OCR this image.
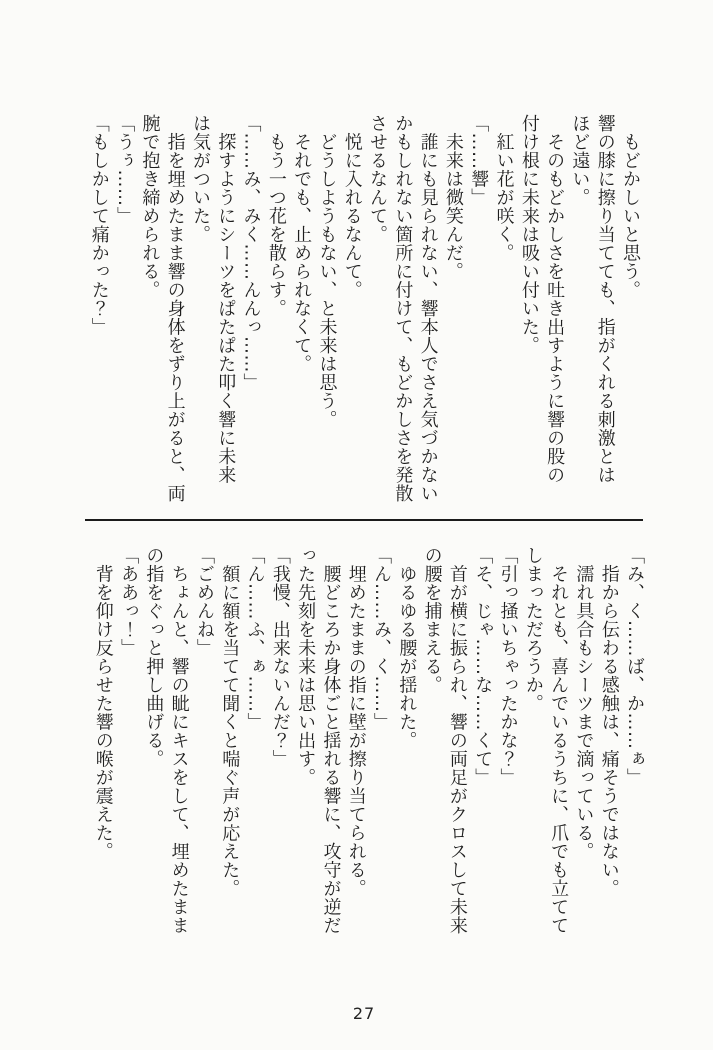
　もどかしいと思う。
響の膝に擦り当てても、指がくれる刺激とは
ほど遠い。
　そのもどかしさを吐き出すように響の股の
付け根に未来は吸い付いた。
　紅い花が咲く。
「……響」
　未来は微笑んだ。
　誰にも見られない、響本人でさえ気づかない
かもしれない箇所に付けて、もどかしさを発散
させるなんて。
　悦に入れるなんて。
　どうしようもない、と未来は思う。
　それでも、止められなくて。
　もう一つ花を散らす。
「……み、みく……んんっ……」
　探すようにシーツをぱたぱた叩く響に未来
は気がついた。
　指を埋めたまま響の身体をずり上がると、両
腕で抱き締められる。
「うぅ……」
「もしかして痛かった？」
「み、く……ば、か……ぁ」
　指から伝わる感触は、痛そうではない。
　濡れ具合もシーツまで滴っている。
　それとも、喜んでいるうちに、爪でも立てて
しまっただろうか。
「引っ掻いちゃったかな？」
「そ、じゃ……な……くて」
　首が横に振られ、響の両足がクロスして未来
の腰を捕まえる。
　ゆるゆる腰が揺れた。
「ん……み、く……」
　埋めたままの指に壁が擦り当てられる。
　腰どころか身体ごと揺れる響に、攻守が逆だ
った先刻を未来は思い出す。
「我慢、出来ないんだ？」
「ん……ふ、ぁ……」
　額に額を当てて聞くと喘ぐ声が応えた。
「ごめんね」
　ちょんと、響の眦にキスをして、埋めたまま
の指をぐっと押し曲げる。
「ああっ！」
　背を仰け反らせた響の喉が震えた。
27
